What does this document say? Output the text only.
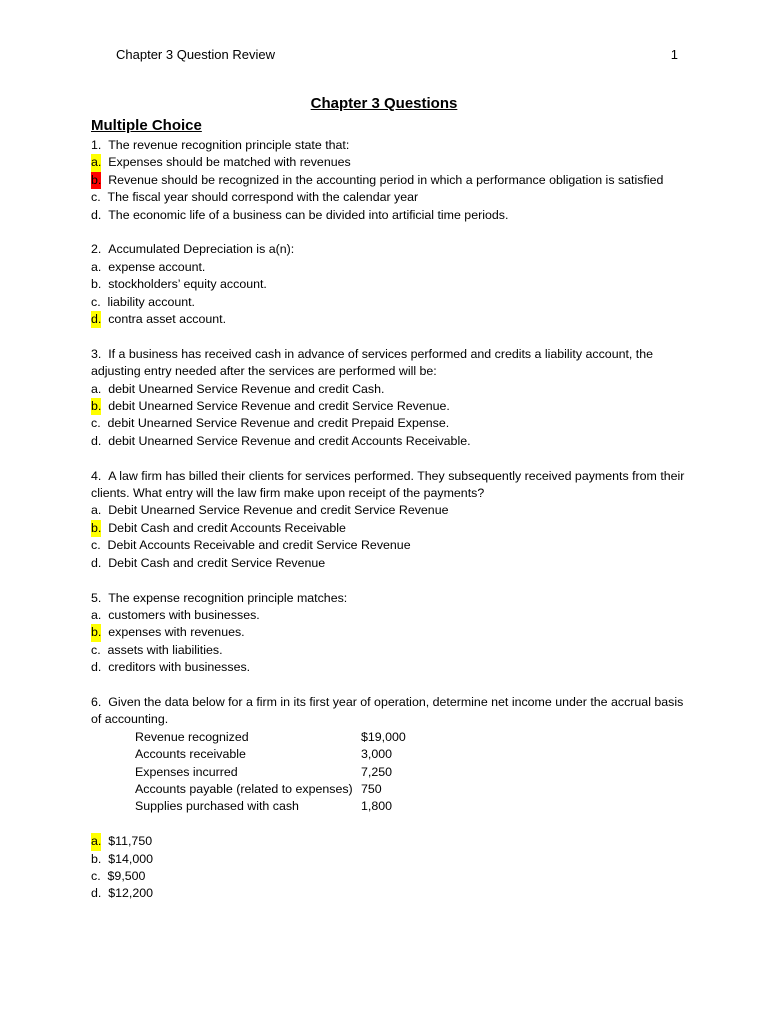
Chapter 3 Question Review	1
Chapter 3 Questions
Multiple Choice
1. The revenue recognition principle state that:
a. Expenses should be matched with revenues
b. Revenue should be recognized in the accounting period in which a performance obligation is satisfied
c. The fiscal year should correspond with the calendar year
d. The economic life of a business can be divided into artificial time periods.
2. Accumulated Depreciation is a(n):
a. expense account.
b. stockholders’ equity account.
c. liability account.
d. contra asset account.
3. If a business has received cash in advance of services performed and credits a liability account, the adjusting entry needed after the services are performed will be:
a. debit Unearned Service Revenue and credit Cash.
b. debit Unearned Service Revenue and credit Service Revenue.
c. debit Unearned Service Revenue and credit Prepaid Expense.
d. debit Unearned Service Revenue and credit Accounts Receivable.
4. A law firm has billed their clients for services performed. They subsequently received payments from their clients. What entry will the law firm make upon receipt of the payments?
a. Debit Unearned Service Revenue and credit Service Revenue
b. Debit Cash and credit Accounts Receivable
c. Debit Accounts Receivable and credit Service Revenue
d. Debit Cash and credit Service Revenue
5. The expense recognition principle matches:
a. customers with businesses.
b. expenses with revenues.
c. assets with liabilities.
d. creditors with businesses.
6. Given the data below for a firm in its first year of operation, determine net income under the accrual basis of accounting.
Revenue recognized	$19,000
Accounts receivable	3,000
Expenses incurred	7,250
Accounts payable (related to expenses)	750
Supplies purchased with cash	1,800
a. $11,750
b. $14,000
c. $9,500
d. $12,200
